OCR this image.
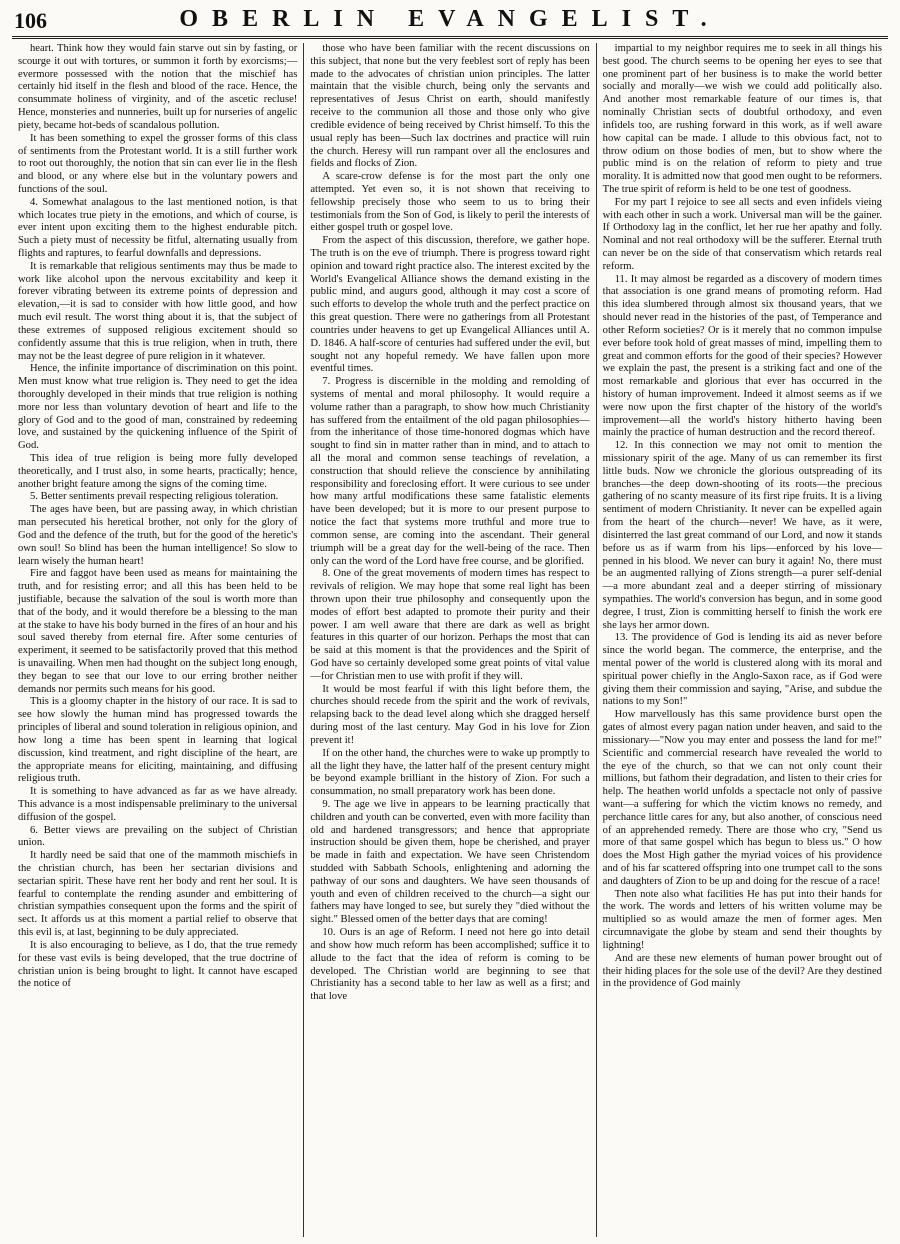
106	OBERLIN EVANGELIST.

heart. Think how they would fain starve out sin by fasting, or scourge it out with tortures, or summon it forth by exorcisms;—evermore possessed with the notion that the mischief has certainly hid itself in the flesh and blood of the race. Hence, the consummate holiness of virginity, and of the ascetic recluse! Hence, monsteries and nunneries, built up for nurseries of angelic piety, became hot-beds of scandalous pollution.

It has been something to expel the grosser forms of this class of sentiments from the Protestant world. It is a still further work to root out thoroughly, the notion that sin can ever lie in the flesh and blood, or any where else but in the voluntary powers and functions of the soul.

4. Somewhat analagous to the last mentioned notion, is that which locates true piety in the emotions, and which of course, is ever intent upon exciting them to the highest endurable pitch. Such a piety must of necessity be fitful, alternating usually from flights and raptures, to fearful downfalls and depressions.

It is remarkable that religious sentiments may thus be made to work like alcohol upon the nervous excitability and keep it forever vibrating between its extreme points of depression and elevation,—it is sad to consider with how little good, and how much evil result. The worst thing about it is, that the subject of these extremes of supposed religious excitement should so confidently assume that this is true religion, when in truth, there may not be the least degree of pure religion in it whatever.

Hence, the infinite importance of discrimination on this point. Men must know what true religion is. They need to get the idea thoroughly developed in their minds that true religion is nothing more nor less than voluntary devotion of heart and life to the glory of God and to the good of man, constrained by redeeming love, and sustained by the quickening influence of the Spirit of God.

This idea of true religion is being more fully developed theoretically, and I trust also, in some hearts, practically; hence, another bright feature among the signs of the coming time.

5. Better sentiments prevail respecting religious toleration.

The ages have been, but are passing away, in which christian man persecuted his heretical brother, not only for the glory of God and the defence of the truth, but for the good of the heretic's own soul! So blind has been the human intelligence! So slow to learn wisely the human heart!

Fire and faggot have been used as means for maintaining the truth, and for resisting error; and all this has been held to be justifiable, because the salvation of the soul is worth more than that of the body, and it would therefore be a blessing to the man at the stake to have his body burned in the fires of an hour and his soul saved thereby from eternal fire. After some centuries of experiment, it seemed to be satisfactorily proved that this method is unavailing. When men had thought on the subject long enough, they began to see that our love to our erring brother neither demands nor permits such means for his good.

This is a gloomy chapter in the history of our race. It is sad to see how slowly the human mind has progressed towards the principles of liberal and sound toleration in religious opinion, and how long a time has been spent in learning that logical discussion, kind treatment, and right discipline of the heart, are the appropriate means for eliciting, maintaining, and diffusing religious truth.

It is something to have advanced as far as we have already. This advance is a most indispensable preliminary to the universal diffusion of the gospel.

6. Better views are prevailing on the subject of Christian union.

It hardly need be said that one of the mammoth mischiefs in the christian church, has been her sectarian divisions and sectarian spirit. These have rent her body and rent her soul. It is fearful to contemplate the rending asunder and embittering of christian sympathies consequent upon the forms and the spirit of sect. It affords us at this moment a partial relief to observe that this evil is, at last, beginning to be duly appreciated.

It is also encouraging to believe, as I do, that the true remedy for these vast evils is being developed, that the true doctrine of christian union is being brought to light. It cannot have escaped the notice of

those who have been familiar with the recent discussions on this subject, that none but the very feeblest sort of reply has been made to the advocates of christian union principles. The latter maintain that the visible church, being only the servants and representatives of Jesus Christ on earth, should manifestly receive to the communion all those and those only who give credible evidence of being received by Christ himself. To this the usual reply has been—Such lax doctrines and practice will ruin the church. Heresy will run rampant over all the enclosures and fields and flocks of Zion.

A scare-crow defense is for the most part the only one attempted. Yet even so, it is not shown that receiving to fellowship precisely those who seem to us to bring their testimonials from the Son of God, is likely to peril the interests of either gospel truth or gospel love.

From the aspect of this discussion, therefore, we gather hope. The truth is on the eve of triumph. There is progress toward right opinion and toward right practice also. The interest excited by the World's Evangelical Alliance shows the demand existing in the public mind, and augurs good, although it may cost a score of such efforts to develop the whole truth and the perfect practice on this great question. There were no gatherings from all Protestant countries under heavens to get up Evangelical Alliances until A. D. 1846. A half-score of centuries had suffered under the evil, but sought not any hopeful remedy. We have fallen upon more eventful times.

7. Progress is discernible in the molding and remolding of systems of mental and moral philosophy. It would require a volume rather than a paragraph, to show how much Christianity has suffered from the entailment of the old pagan philosophies—from the inheritance of those time-honored dogmas which have sought to find sin in matter rather than in mind, and to attach to all the moral and common sense teachings of revelation, a construction that should relieve the conscience by annihilating responsibility and foreclosing effort. It were curious to see under how many artful modifications these same fatalistic elements have been developed; but it is more to our present purpose to notice the fact that systems more truthful and more true to common sense, are coming into the ascendant. Their general triumph will be a great day for the well-being of the race. Then only can the word of the Lord have free course, and be glorified.

8. One of the great movements of modern times has respect to revivals of religion. We may hope that some real light has been thrown upon their true philosophy and consequently upon the modes of effort best adapted to promote their purity and their power. I am well aware that there are dark as well as bright features in this quarter of our horizon. Perhaps the most that can be said at this moment is that the providences and the Spirit of God have so certainly developed some great points of vital value—for Christian men to use with profit if they will.

It would be most fearful if with this light before them, the churches should recede from the spirit and the work of revivals, relapsing back to the dead level along which she dragged herself during most of the last century. May God in his love for Zion prevent it!

If on the other hand, the churches were to wake up promptly to all the light they have, the latter half of the present century might be beyond example brilliant in the history of Zion. For such a consummation, no small preparatory work has been done.

9. The age we live in appears to be learning practically that children and youth can be converted, even with more facility than old and hardened transgressors; and hence that appropriate instruction should be given them, hope be cherished, and prayer be made in faith and expectation. We have seen Christendom studded with Sabbath Schools, enlightening and adorning the pathway of our sons and daughters. We have seen thousands of youth and even of children received to the church—a sight our fathers may have longed to see, but surely they "died without the sight." Blessed omen of the better days that are coming!

10. Ours is an age of Reform. I need not here go into detail and show how much reform has been accomplished; suffice it to allude to the fact that the idea of reform is coming to be developed. The Christian world are beginning to see that Christianity has a second table to her law as well as a first; and that love

impartial to my neighbor requires me to seek in all things his best good. The church seems to be opening her eyes to see that one prominent part of her business is to make the world better socially and morally—we wish we could add politically also. And another most remarkable feature of our times is, that nominally Christian sects of doubtful orthodoxy, and even infidels too, are rushing forward in this work, as if well aware how capital can be made. I allude to this obvious fact, not to throw odium on those bodies of men, but to show where the public mind is on the relation of reform to piety and true morality. It is admitted now that good men ought to be reformers. The true spirit of reform is held to be one test of goodness.

For my part I rejoice to see all sects and even infidels vieing with each other in such a work. Universal man will be the gainer. If Orthodoxy lag in the conflict, let her rue her apathy and folly. Nominal and not real orthodoxy will be the sufferer. Eternal truth can never be on the side of that conservatism which retards real reform.

11. It may almost be regarded as a discovery of modern times that association is one grand means of promoting reform. Had this idea slumbered through almost six thousand years, that we should never read in the histories of the past, of Temperance and other Reform societies? Or is it merely that no common impulse ever before took hold of great masses of mind, impelling them to great and common efforts for the good of their species? However we explain the past, the present is a striking fact and one of the most remarkable and glorious that ever has occurred in the history of human improvement. Indeed it almost seems as if we were now upon the first chapter of the history of the world's improvement—all the world's history hitherto having been mainly the practice of human destruction and the record thereof.

12. In this connection we may not omit to mention the missionary spirit of the age. Many of us can remember its first little buds. Now we chronicle the glorious outspreading of its branches—the deep down-shooting of its roots—the precious gathering of no scanty measure of its first ripe fruits. It is a living sentiment of modern Christianity. It never can be expelled again from the heart of the church—never! We have, as it were, disinterred the last great command of our Lord, and now it stands before us as if warm from his lips—enforced by his love—penned in his blood. We never can bury it again! No, there must be an augmented rallying of Zions strength—a purer self-denial—a more abundant zeal and a deeper stirring of missionary sympathies. The world's conversion has begun, and in some good degree, I trust, Zion is committing herself to finish the work ere she lays her armor down.

13. The providence of God is lending its aid as never before since the world began. The commerce, the enterprise, and the mental power of the world is clustered along with its moral and spiritual power chiefly in the Anglo-Saxon race, as if God were giving them their commission and saying, "Arise, and subdue the nations to my Son!"

How marvellously has this same providence burst open the gates of almost every pagan nation under heaven, and said to the missionary—"Now you may enter and possess the land for me!" Scientific and commercial research have revealed the world to the eye of the church, so that we can not only count their millions, but fathom their degradation, and listen to their cries for help. The heathen world unfolds a spectacle not only of passive want—a suffering for which the victim knows no remedy, and perchance little cares for any, but also another, of conscious need of an apprehended remedy. There are those who cry, "Send us more of that same gospel which has begun to bless us." O how does the Most High gather the myriad voices of his providence and of his far scattered offspring into one trumpet call to the sons and daughters of Zion to be up and doing for the rescue of a race!

Then note also what facilities He has put into their hands for the work. The words and letters of his written volume may be multiplied so as would amaze the men of former ages. Men circumnavigate the globe by steam and send their thoughts by lightning!

And are these new elements of human power brought out of their hiding places for the sole use of the devil? Are they destined in the providence of God mainly
